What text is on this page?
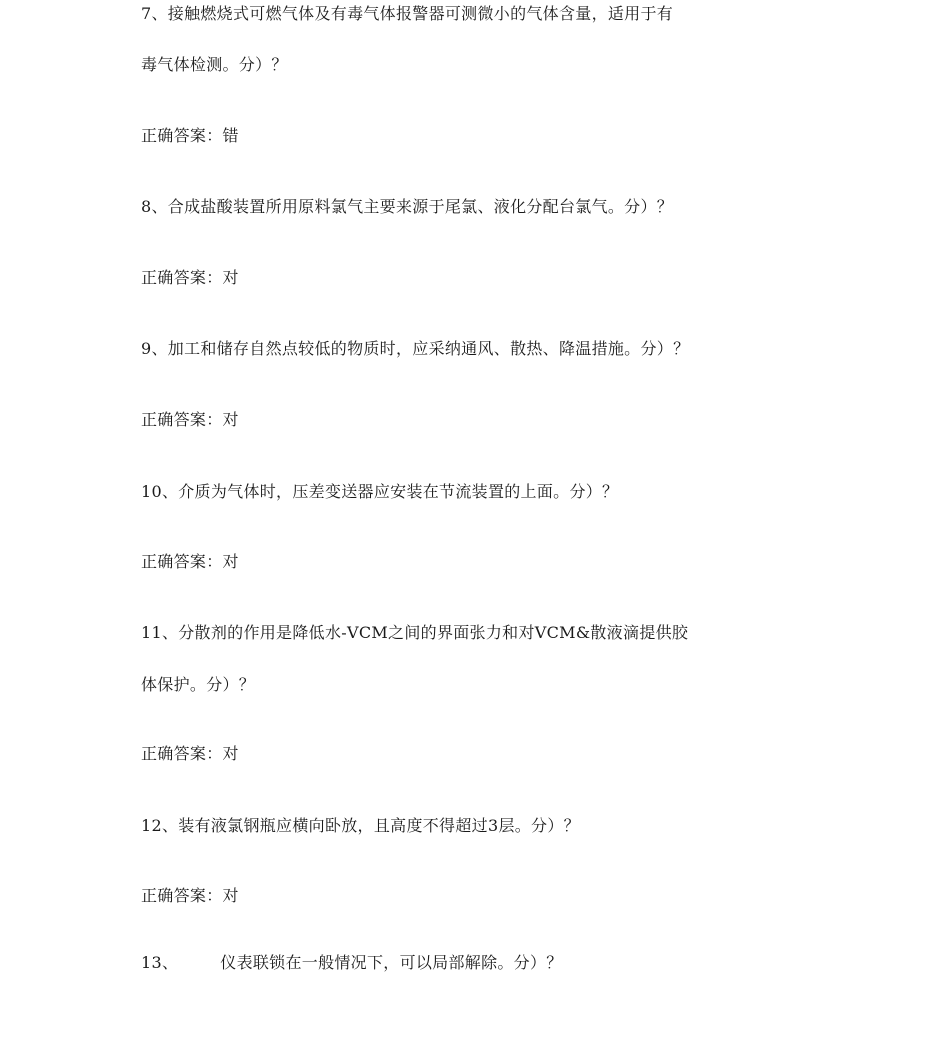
7、接触燃烧式可燃气体及有毒气体报警器可测微小的气体含量，适用于有
毒气体检测。分）？
正确答案：错
8、合成盐酸装置所用原料氯气主要来源于尾氯、液化分配台氯气。分）？
正确答案：对
9、加工和储存自然点较低的物质时，应采纳通风、散热、降温措施。分）？
正确答案：对
10、介质为气体时，压差变送器应安装在节流装置的上面。分）？
正确答案：对
11、分散剂的作用是降低水-VCM之间的界面张力和对VCM&散液滴提供胶
体保护。分）？
正确答案：对
12、装有液氯钢瓶应横向卧放，且高度不得超过3层。分）？
正确答案：对
13、	仪表联锁在一般情况下，可以局部解除。分）？
